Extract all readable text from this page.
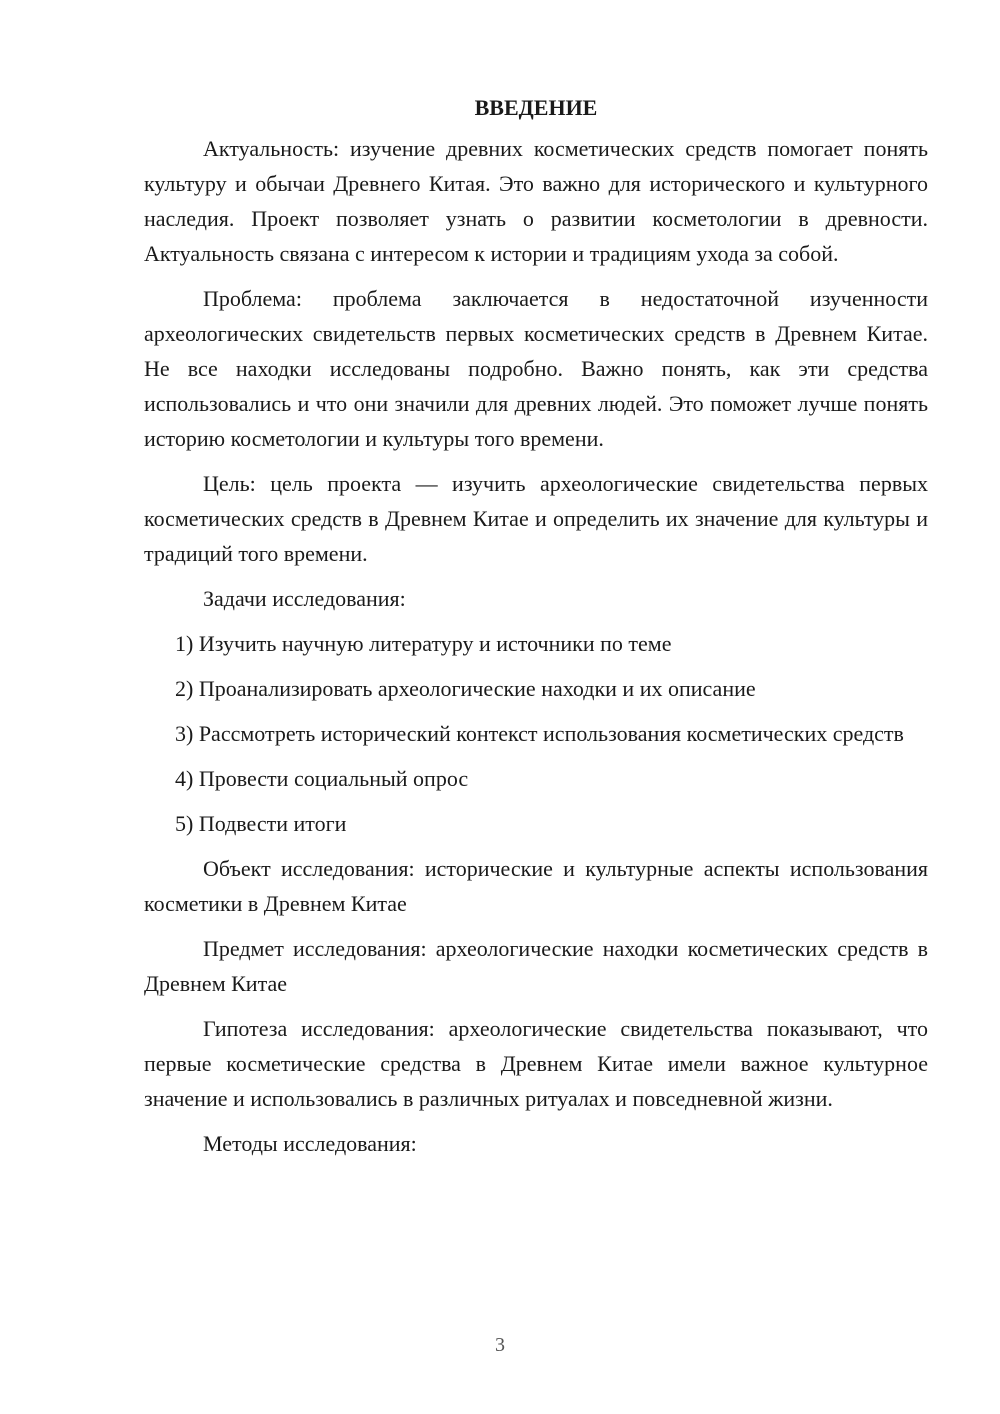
ВВЕДЕНИЕ

Актуальность: изучение древних косметических средств помогает понять культуру и обычаи Древнего Китая. Это важно для исторического и культурного наследия. Проект позволяет узнать о развитии косметологии в древности. Актуальность связана с интересом к истории и традициям ухода за собой.

Проблема: проблема заключается в недостаточной изученности археологических свидетельств первых косметических средств в Древнем Китае. Не все находки исследованы подробно. Важно понять, как эти средства использовались и что они значили для древних людей. Это поможет лучше понять историю косметологии и культуры того времени.

Цель: цель проекта — изучить археологические свидетельства первых косметических средств в Древнем Китае и определить их значение для культуры и традиций того времени.

Задачи исследования:

1) Изучить научную литературу и источники по теме

2) Проанализировать археологические находки и их описание

3) Рассмотреть исторический контекст использования косметических средств

4) Провести социальный опрос

5) Подвести итоги

Объект исследования: исторические и культурные аспекты использования косметики в Древнем Китае

Предмет исследования: археологические находки косметических средств в Древнем Китае

Гипотеза исследования: археологические свидетельства показывают, что первые косметические средства в Древнем Китае имели важное культурное значение и использовались в различных ритуалах и повседневной жизни.

Методы исследования:

3
